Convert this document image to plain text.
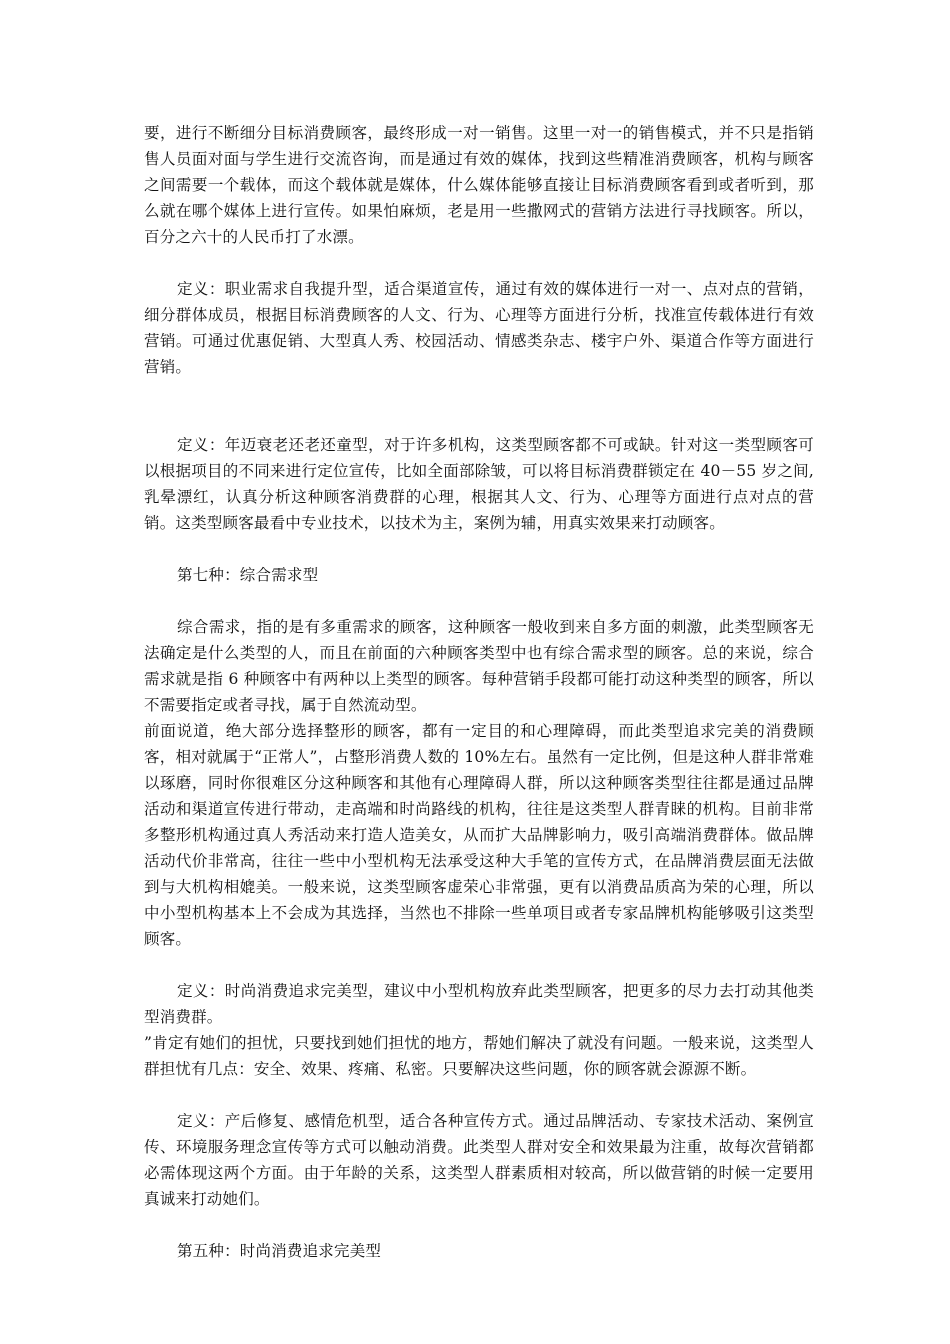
要，进行不断细分目标消费顾客，最终形成一对一销售。这里一对一的销售模式，并不只是指销售人员面对面与学生进行交流咨询，而是通过有效的媒体，找到这些精准消费顾客，机构与顾客之间需要一个载体，而这个载体就是媒体，什么媒体能够直接让目标消费顾客看到或者听到，那么就在哪个媒体上进行宣传。如果怕麻烦，老是用一些撒网式的营销方法进行寻找顾客。所以，百分之六十的人民币打了水漂。

定义：职业需求自我提升型，适合渠道宣传，通过有效的媒体进行一对一、点对点的营销，细分群体成员，根据目标消费顾客的人文、行为、心理等方面进行分析，找准宣传载体进行有效营销。可通过优惠促销、大型真人秀、校园活动、情感类杂志、楼宇户外、渠道合作等方面进行营销。

定义：年迈衰老还老还童型，对于许多机构，这类型顾客都不可或缺。针对这一类型顾客可以根据项目的不同来进行定位宣传，比如全面部除皱，可以将目标消费群锁定在 40－55 岁之间,乳晕漂红，认真分析这种顾客消费群的心理，根据其人文、行为、心理等方面进行点对点的营销。这类型顾客最看中专业技术，以技术为主，案例为辅，用真实效果来打动顾客。

第七种：综合需求型

综合需求，指的是有多重需求的顾客，这种顾客一般收到来自多方面的刺激，此类型顾客无法确定是什么类型的人，而且在前面的六种顾客类型中也有综合需求型的顾客。总的来说，综合需求就是指 6 种顾客中有两种以上类型的顾客。每种营销手段都可能打动这种类型的顾客，所以不需要指定或者寻找，属于自然流动型。

前面说道，绝大部分选择整形的顾客，都有一定目的和心理障碍，而此类型追求完美的消费顾客，相对就属于“正常人”，占整形消费人数的 10%左右。虽然有一定比例，但是这种人群非常难以琢磨，同时你很难区分这种顾客和其他有心理障碍人群，所以这种顾客类型往往都是通过品牌活动和渠道宣传进行带动，走高端和时尚路线的机构，往往是这类型人群青睐的机构。目前非常多整形机构通过真人秀活动来打造人造美女，从而扩大品牌影响力，吸引高端消费群体。做品牌活动代价非常高，往往一些中小型机构无法承受这种大手笔的宣传方式，在品牌消费层面无法做到与大机构相媲美。一般来说，这类型顾客虚荣心非常强，更有以消费品质高为荣的心理，所以中小型机构基本上不会成为其选择，当然也不排除一些单项目或者专家品牌机构能够吸引这类型顾客。

定义：时尚消费追求完美型，建议中小型机构放弃此类型顾客，把更多的尽力去打动其他类型消费群。

”肯定有她们的担忧，只要找到她们担忧的地方，帮她们解决了就没有问题。一般来说，这类型人群担忧有几点：安全、效果、疼痛、私密。只要解决这些问题，你的顾客就会源源不断。

定义：产后修复、感情危机型，适合各种宣传方式。通过品牌活动、专家技术活动、案例宣传、环境服务理念宣传等方式可以触动消费。此类型人群对安全和效果最为注重，故每次营销都必需体现这两个方面。由于年龄的关系，这类型人群素质相对较高，所以做营销的时候一定要用真诚来打动她们。

第五种：时尚消费追求完美型
